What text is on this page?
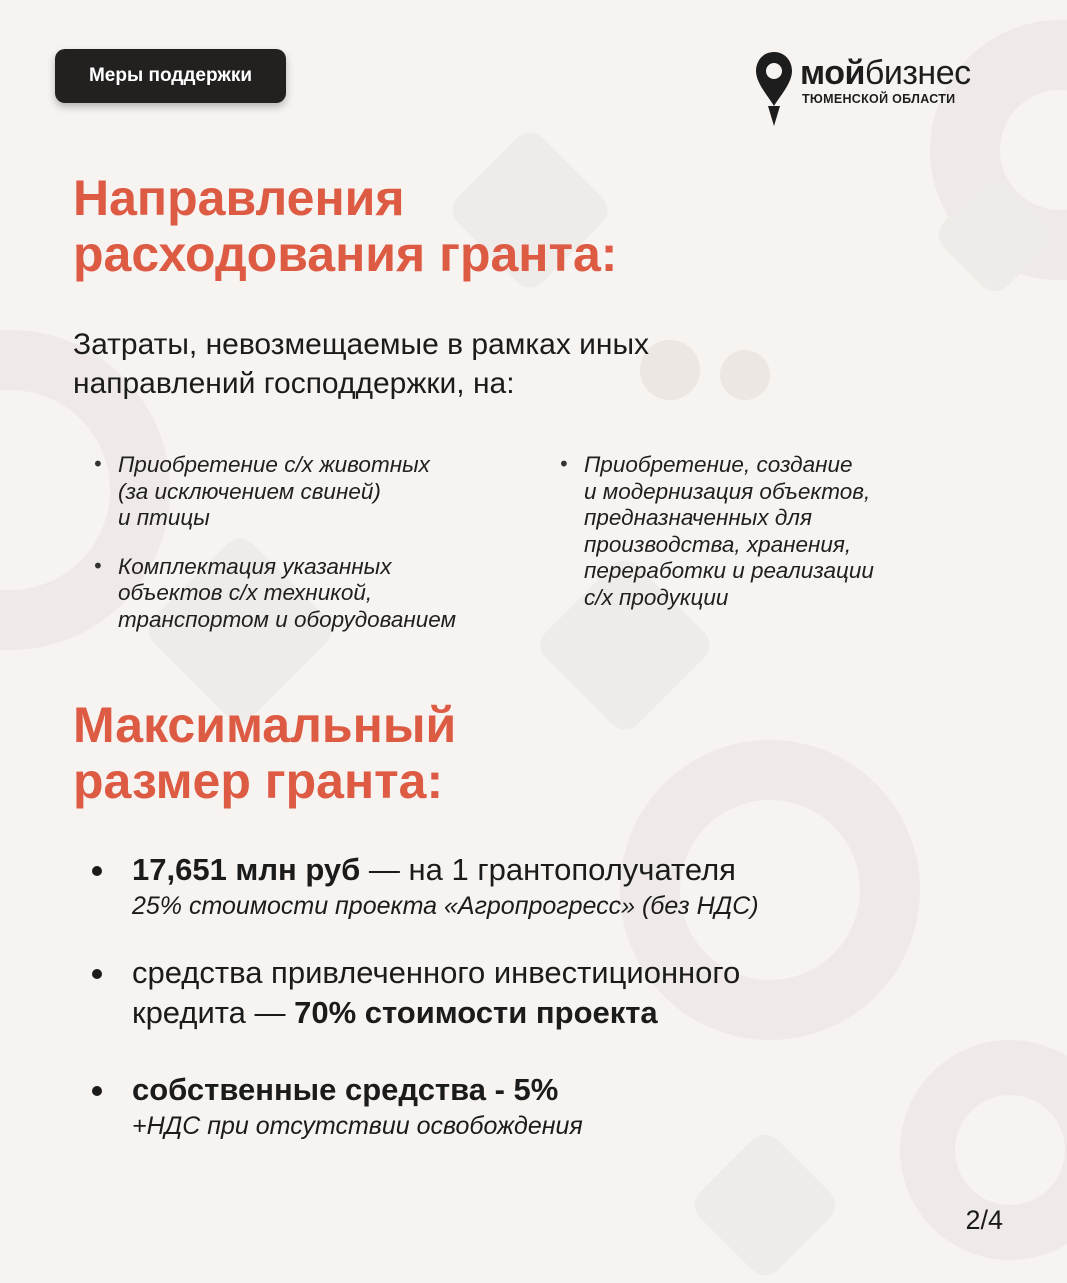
Меры поддержки	мойбизнес
ТЮМЕНСКОЙ ОБЛАСТИ
Направления
расходования гранта:
Затраты, невозмещаемые в рамках иных
направлений господдержки, на:
• Приобретение с/х животных
(за исключением свиней)
и птицы
• Комплектация указанных
объектов с/х техникой,
транспортом и оборудованием
• Приобретение, создание
и модернизация объектов,
предназначенных для
производства, хранения,
переработки и реализации
с/х продукции
Максимальный
размер гранта:
17,651 млн руб — на 1 грантополучателя
25% стоимости проекта «Агропрогресс» (без НДС)
средства привлеченного инвестиционного
кредита — 70% стоимости проекта
собственные средства - 5%
+НДС при отсутствии освобождения
2/4
